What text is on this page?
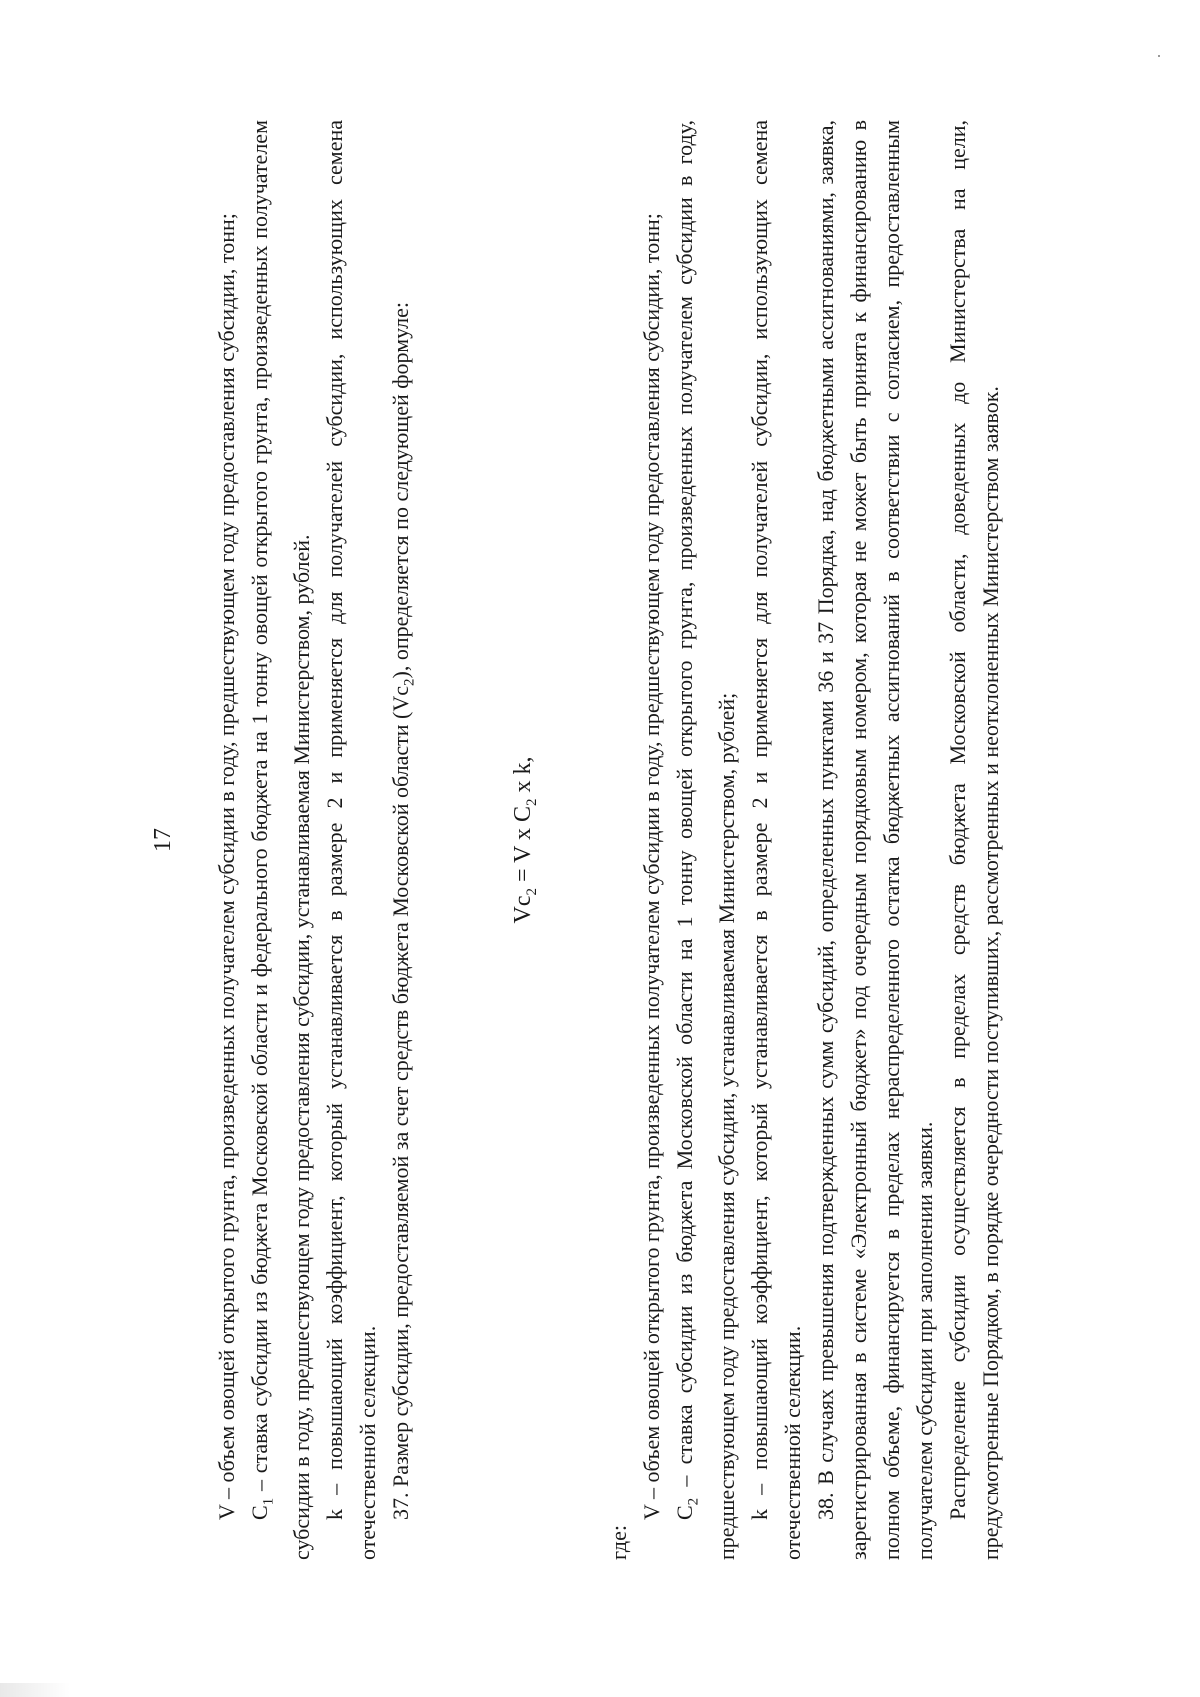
17 V – объем овощей открытого грунта, произведенных получателем субсидии в году, предшествующем году предоставления субсидии, тонн; $C_1$ – ставка субсидии из бюджета Московской области и федерального бюджета на 1 тонну овощей открытого грунта, произведенных получателем субсидии в году, предшествующем году предоставления субсидии, устанавливаемая Министерством, рублей. k – повышающий коэффициент, который устанавливается в размере 2 и применяется для получателей субсидии, использующих семена отечественной селекции. 37. Размер субсидии, предоставляемой за счет средств бюджета Московской области $(Vc_2)$, определяется по следующей формуле:

$Vc_2 = V$ x $C_2$ x k,

где:

V – объем овощей открытого грунта, произведенных получателем субсидии в году, предшествующем году предоставления субсидии, тонн; $C_2$ – ставка субсидии из бюджета Московской области на 1 тонну овощей открытого грунта, произведенных получателем субсидии в году, предшествующем году предоставления субсидии, устанавливаемая Министерством, рублей; k – повышающий коэффициент, который устанавливается в размере 2 и применяется для получателей субсидии, использующих семена отечественной селекции. 38. В случаях превышения подтвержденных сумм субсидий, определенных пунктами 36 и 37 Порядка, над бюджетными ассигнованиями, заявка, зарегистрированная в системе «Электронный бюджет» под очередным порядковым номером, которая не может быть принята к финансированию в полном объеме, финансируется в пределах нераспределенного остатка бюджетных ассигнований в соответствии с согласием, предоставленным получателем субсидии при заполнении заявки. Распределение субсидии осуществляется в пределах средств бюджета Московской области, доведенных до Министерства на цели, предусмотренные Порядком, в порядке очередности поступивших, рассмотренных и неотклоненных Министерством заявок.
